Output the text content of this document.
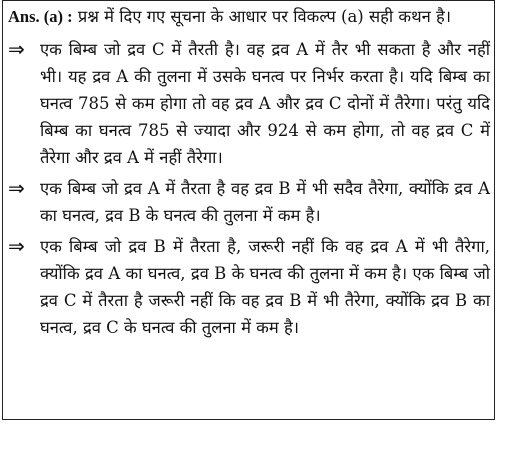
Ans. (a) : प्रश्न में दिए गए सूचना के आधार पर विकल्प (a) सही कथन है।

⇒ एक बिम्ब जो द्रव C में तैरती है। वह द्रव A में तैर भी सकता है और नहीं भी। यह द्रव A की तुलना में उसके घनत्व पर निर्भर करता है। यदि बिम्ब का घनत्व 785 से कम होगा तो वह द्रव A और द्रव C दोनों में तैरेगा। परंतु यदि बिम्ब का घनत्व 785 से ज्यादा और 924 से कम होगा, तो वह द्रव C में तैरेगा और द्रव A में नहीं तैरेगा।
⇒ एक बिम्ब जो द्रव A में तैरता है वह द्रव B में भी सदैव तैरेगा, क्योंकि द्रव A का घनत्व, द्रव B के घनत्व की तुलना में कम है।
⇒ एक बिम्ब जो द्रव B में तैरता है, जरूरी नहीं कि वह द्रव A में भी तैरेगा, क्योंकि द्रव A का घनत्व, द्रव B के घनत्व की तुलना में कम है। एक बिम्ब जो द्रव C में तैरता है जरूरी नहीं कि वह द्रव B में भी तैरेगा, क्योंकि द्रव B का घनत्व, द्रव C के घनत्व की तुलना में कम है।
